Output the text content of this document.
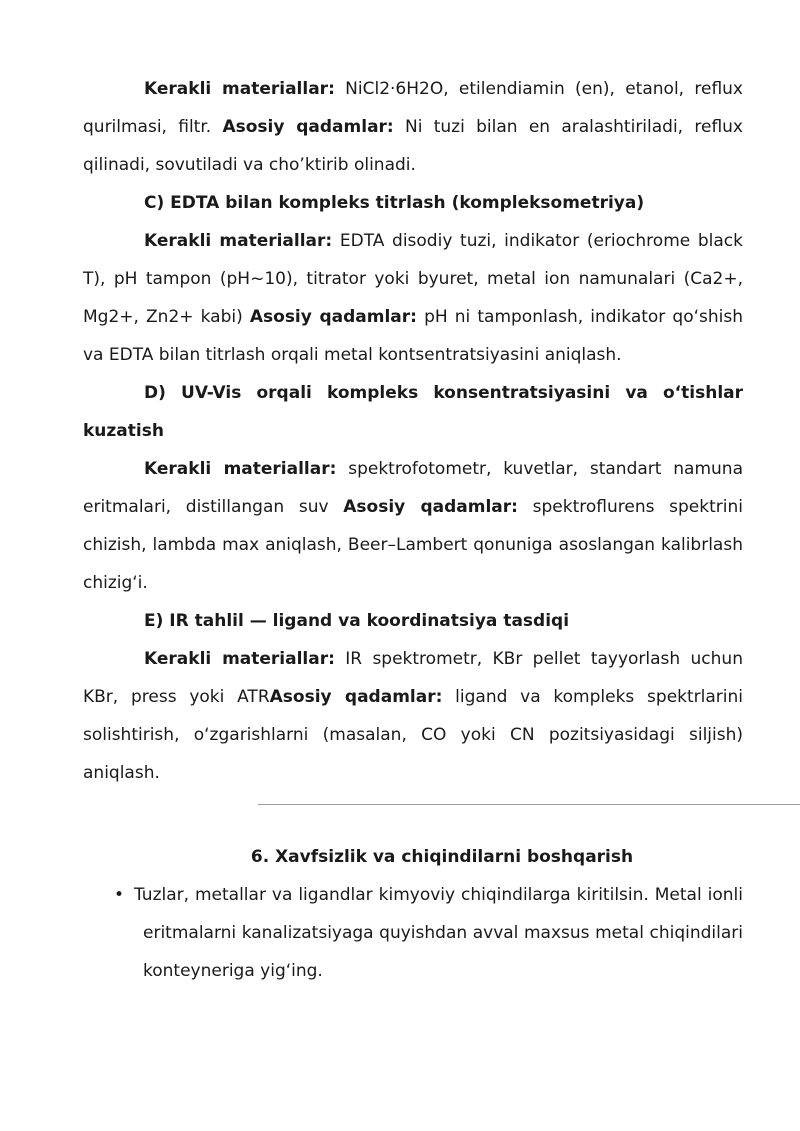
Kerakli materiallar: NiCl2·6H2O, etilendiamin (en), etanol, reflux qurilmasi, filtr. Asosiy qadamlar: Ni tuzi bilan en aralashtiriladi, reflux qilinadi, sovutiladi va cho’ktirib olinadi.

C) EDTA bilan kompleks titrlash (kompleksometriya)

Kerakli materiallar: EDTA disodiy tuzi, indikator (eriochrome black T), pH tampon (pH~10), titrator yoki byuret, metal ion namunalari (Ca2+, Mg2+, Zn2+ kabi) Asosiy qadamlar: pH ni tamponlash, indikator qo‘shish va EDTA bilan titrlash orqali metal kontsentratsiyasini aniqlash.

D) UV-Vis orqali kompleks konsentratsiyasini va o‘tishlar kuzatish

Kerakli materiallar: spektrofotometr, kuvetlar, standart namuna eritmalari, distillangan suv Asosiy qadamlar: spektroflurens spektrini chizish, lambda max aniqlash, Beer–Lambert qonuniga asoslangan kalibrlash chizig‘i.

E) IR tahlil — ligand va koordinatsiya tasdiqi

Kerakli materiallar: IR spektrometr, KBr pellet tayyorlash uchun KBr, press yoki ATRAsosiy qadamlar: ligand va kompleks spektrlarini solishtirish, o‘zgarishlarni (masalan, CO yoki CN pozitsiyasidagi siljish) aniqlash.

6. Xavfsizlik va chiqindilarni boshqarish

• Tuzlar, metallar va ligandlar kimyoviy chiqindilarga kiritilsin. Metal ionli eritmalarni kanalizatsiyaga quyishdan avval maxsus metal chiqindilari konteyneriga yig‘ing.
